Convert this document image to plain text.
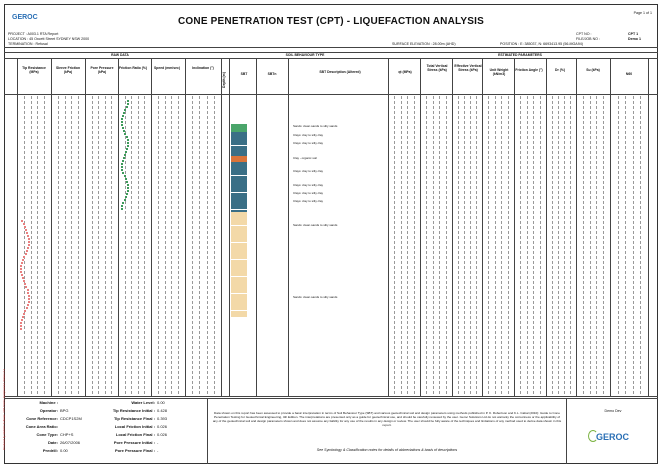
GEROC	CONE PENETRATION TEST (CPT) - LIQUEFACTION ANALYSIS
Page 1 of 1
PROJECT : A003.1 RTA Report
LOCATION : 45 Oxcett Street SYDNEY NSW 2000
TERMINATION : Refusal
CPT NO :	CPT 1
FILE/JOB NO :	Demo 1
SURFACE ELEVATION : 28.00m (AHD)	POSITION : E: 385037, N: 6693413.95 (56-MGA94)
RAW DATA	SOIL BEHAVIOUR TYPE	ESTIMATED PARAMETERS
Tip Resistance (MPa)
Sleeve Friction (kPa)
Pore Pressure (kPa)
Friction Ratio (%)	Speed (mm/sec)	Inclination (°)
Depth (m)	SBT	SBTn	SBT Description (Altered)	qt (MPa)
Total Vertical Stress (kPa)
Effective Vertical Stress (kPa)	Unit Weight (kN/m3)
Friction Angle (°)	Dr (%)	Su (kPa)
N60
Sands: clean sands to silty sands
Clays: clay to silty clay
Clays: clay to silty clay
Clay - organic soil
Clays: clay to silty clay
Clays: clay to silty clay
Clays: clay to silty clay
Clays: clay to silty clay
Sands: clean sands to silty sands
Sands: clean sands to silty sands
Produced by GEROC Software. CPT-PLUS | Interpretation Version 4.1	Machine :
Operator: BPG
Cone Reference: CDCP1S2M
Cone Area Ratio:
Cone Type: CHP+S
Date: 26/07/2006
Predrill: 0.00
Water Level: 0.00
Tip Resistance Initial : 0.428
Tip Resistance Final : 0.393
Local Friction Initial : 0.026
Local Friction Final : 0.026
Pore Pressure Initial : -
Pore Pressure Final : -
Data shown on this report has been assessed to provide a basic interpretation in terms of Soil Behaviour Type (SBT) and various geotechnical soil and design parameters using methods published in P. K. Robertson and K.L. Cabal (2010): Guide to Cone Penetration Testing for Geotechnical Engineering, 4th Edition. The interpretations are presented only as a guide for geotechnical use, and should be carefully reviewed by the user. Geroc Solutions Ltd do not warranty the correctness or the applicability of any of the geotechnical soil and design parameters shown and does not assume any liability for any use of the results in any design or review. The user should be fully aware of the techniques and limitations of any method used to derive data shown in this report.
See Symbology & Classification notes for details of abbreviations & basis of descriptions
Demo Dev
GEROC
